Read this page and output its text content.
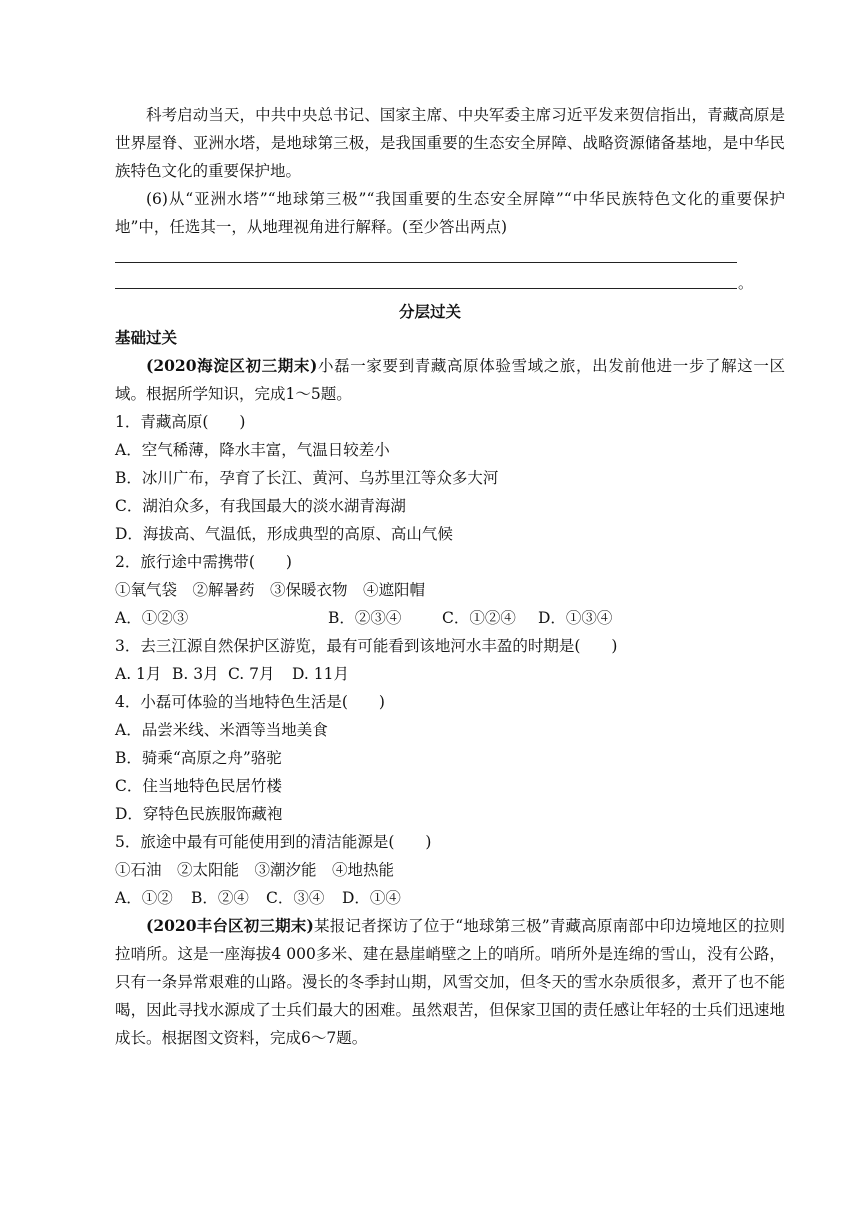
科考启动当天，中共中央总书记、国家主席、中央军委主席习近平发来贺信指出，青藏高原是世界屋脊、亚洲水塔，是地球第三极，是我国重要的生态安全屏障、战略资源储备基地，是中华民族特色文化的重要保护地。

(6)从“亚洲水塔”“地球第三极”“我国重要的生态安全屏障”“中华民族特色文化的重要保护地”中，任选其一，从地理视角进行解释。(至少答出两点)

。
分层过关
基础过关

(2020海淀区初三期末)小磊一家要到青藏高原体验雪域之旅，出发前他进一步了解这一区域。根据所学知识，完成1～5题。

1．青藏高原(　　)
A．空气稀薄，降水丰富，气温日较差小
B．冰川广布，孕育了长江、黄河、乌苏里江等众多大河
C．湖泊众多，有我国最大的淡水湖青海湖
D．海拔高、气温低，形成典型的高原、高山气候
2．旅行途中需携带(　　)
①氧气袋　②解暑药　③保暖衣物　④遮阳帽
A．①②③	B．②③④	C．①②④ D．①③④
3．去三江源自然保护区游览，最有可能看到该地河水丰盈的时期是(　　)
A. 1月 B. 3月 C. 7月 D. 11月
4．小磊可体验的当地特色生活是(　　)
A．品尝米线、米酒等当地美食
B．骑乘“高原之舟”骆驼
C．住当地特色民居竹楼
D．穿特色民族服饰藏袍
5．旅途中最有可能使用到的清洁能源是(　　)
①石油　②太阳能　③潮汐能　④地热能
A．①② B．②④ C．③④ D．①④

(2020丰台区初三期末)某报记者探访了位于“地球第三极”青藏高原南部中印边境地区的拉则拉哨所。这是一座海拔4 000多米、建在悬崖峭壁之上的哨所。哨所外是连绵的雪山，没有公路，只有一条异常艰难的山路。漫长的冬季封山期，风雪交加，但冬天的雪水杂质很多，煮开了也不能喝，因此寻找水源成了士兵们最大的困难。虽然艰苦，但保家卫国的责任感让年轻的士兵们迅速地成长。根据图文资料，完成6～7题。
